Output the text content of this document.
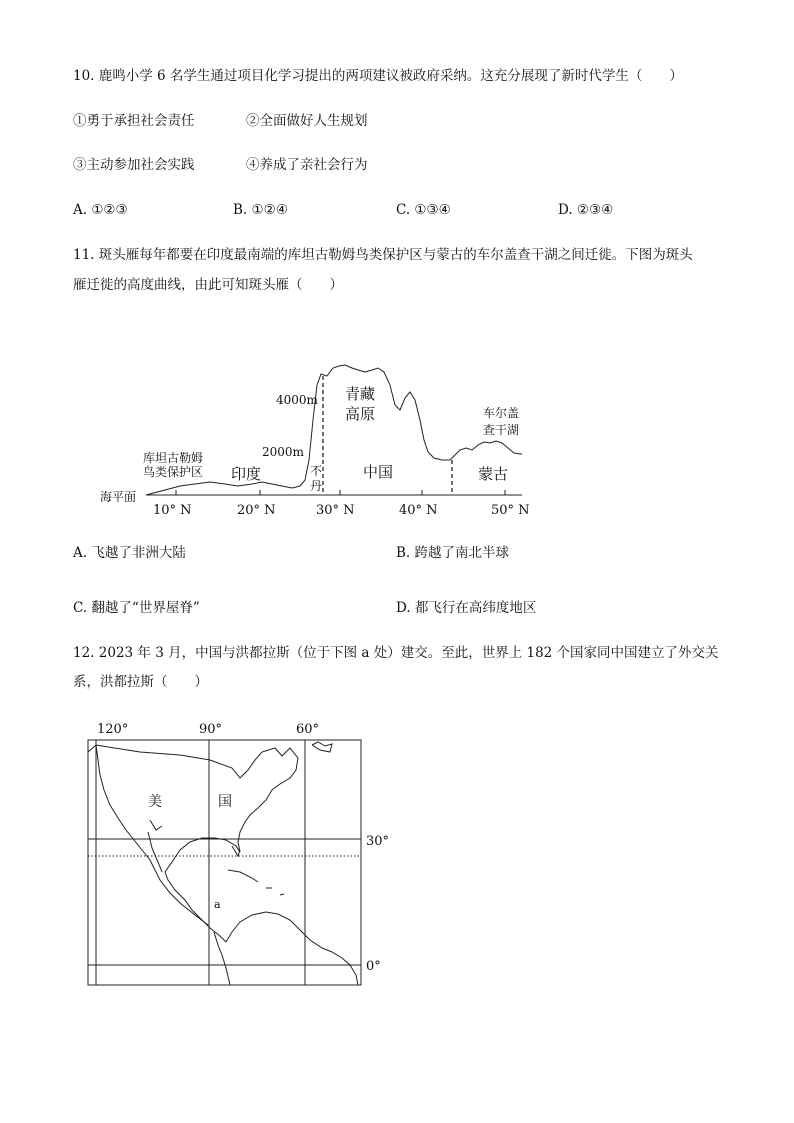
10. 鹿鸣小学 6 名学生通过项目化学习提出的两项建议被政府采纳。这充分展现了新时代学生（　　）
①勇于承担社会责任	②全面做好人生规划
③主动参加社会实践	④养成了亲社会行为
A. ①②③	B. ①②④	C. ①③④	D. ②③④
11. 斑头雁每年都要在印度最南端的库坦古勒姆鸟类保护区与蒙古的车尔盖查干湖之间迁徙。下图为斑头
雁迁徙的高度曲线，由此可知斑头雁（　　）
海平面
2000m
4000m
库坦古勒姆
鸟类保护区 印度	不
丹
青藏
高原
中国
车尔盖
查干湖
蒙古
10° N	20° N	30° N	40° N	50° N
A. 飞越了非洲大陆	B. 跨越了南北半球
C. 翻越了“世界屋脊”	D. 都飞行在高纬度地区
12. 2023 年 3 月，中国与洪都拉斯（位于下图 a 处）建交。至此，世界上 182 个国家同中国建立了外交关
系，洪都拉斯（　　）
120°	90°	60°
30°
0°
美	国
a
